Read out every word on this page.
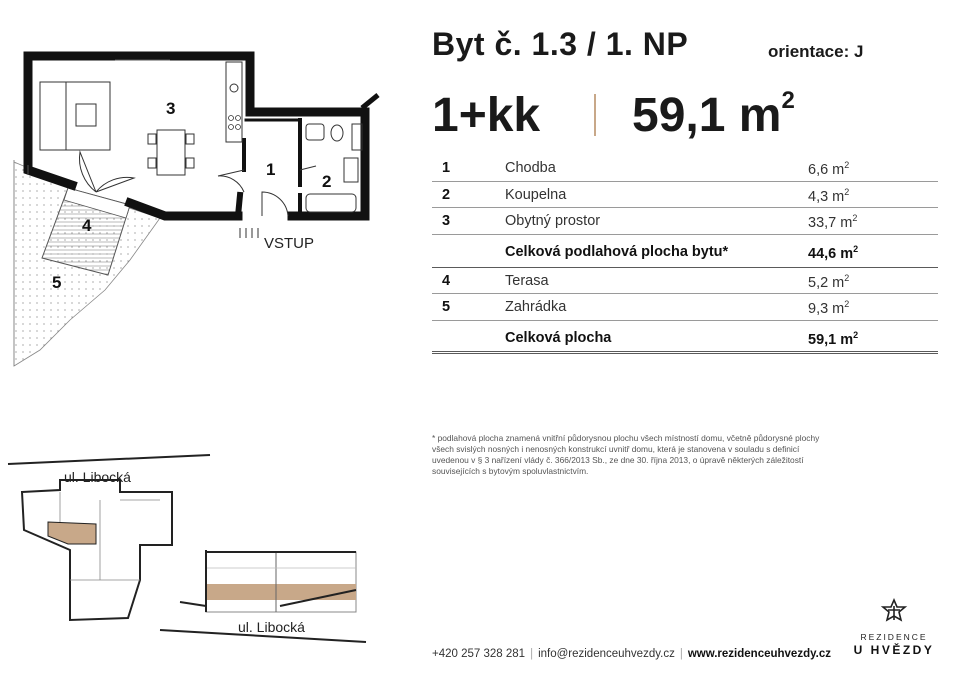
3
1
2
4
5
VSTUP
ul. Libocká
ul. Libocká
Byt č. 1.3 / 1. NP	orientace: J
1+kk 59,1 $m^2$
1	Chodba	6,6 $m^2$
2	Koupelna	4,3 $m^2$
3	Obytný prostor	33,7 $m^2$
Celková podlahová plocha bytu*	44,6 $m^2$
4	Terasa	5,2 $m^2$
5	Zahrádka	9,3 $m^2$
Celková plocha	59,1 $m^2$
* podlahová plocha znamená vnitřní půdorysnou plochu všech místností domu, včetně půdorysné plochy všech svislých nosných i nenosných konstrukcí uvnitř domu, která je stanovena v souladu s definicí uvedenou v § 3 nařízení vlády č. 366/2013 Sb., ze dne 30. října 2013, o úpravě některých záležitostí souvisejících s bytovým spoluvlastnictvím.
+420 257 328 281 | info@rezidenceuhvezdy.cz | www.rezidenceuhvezdy.cz
REZIDENCE
U HVĚZDY
